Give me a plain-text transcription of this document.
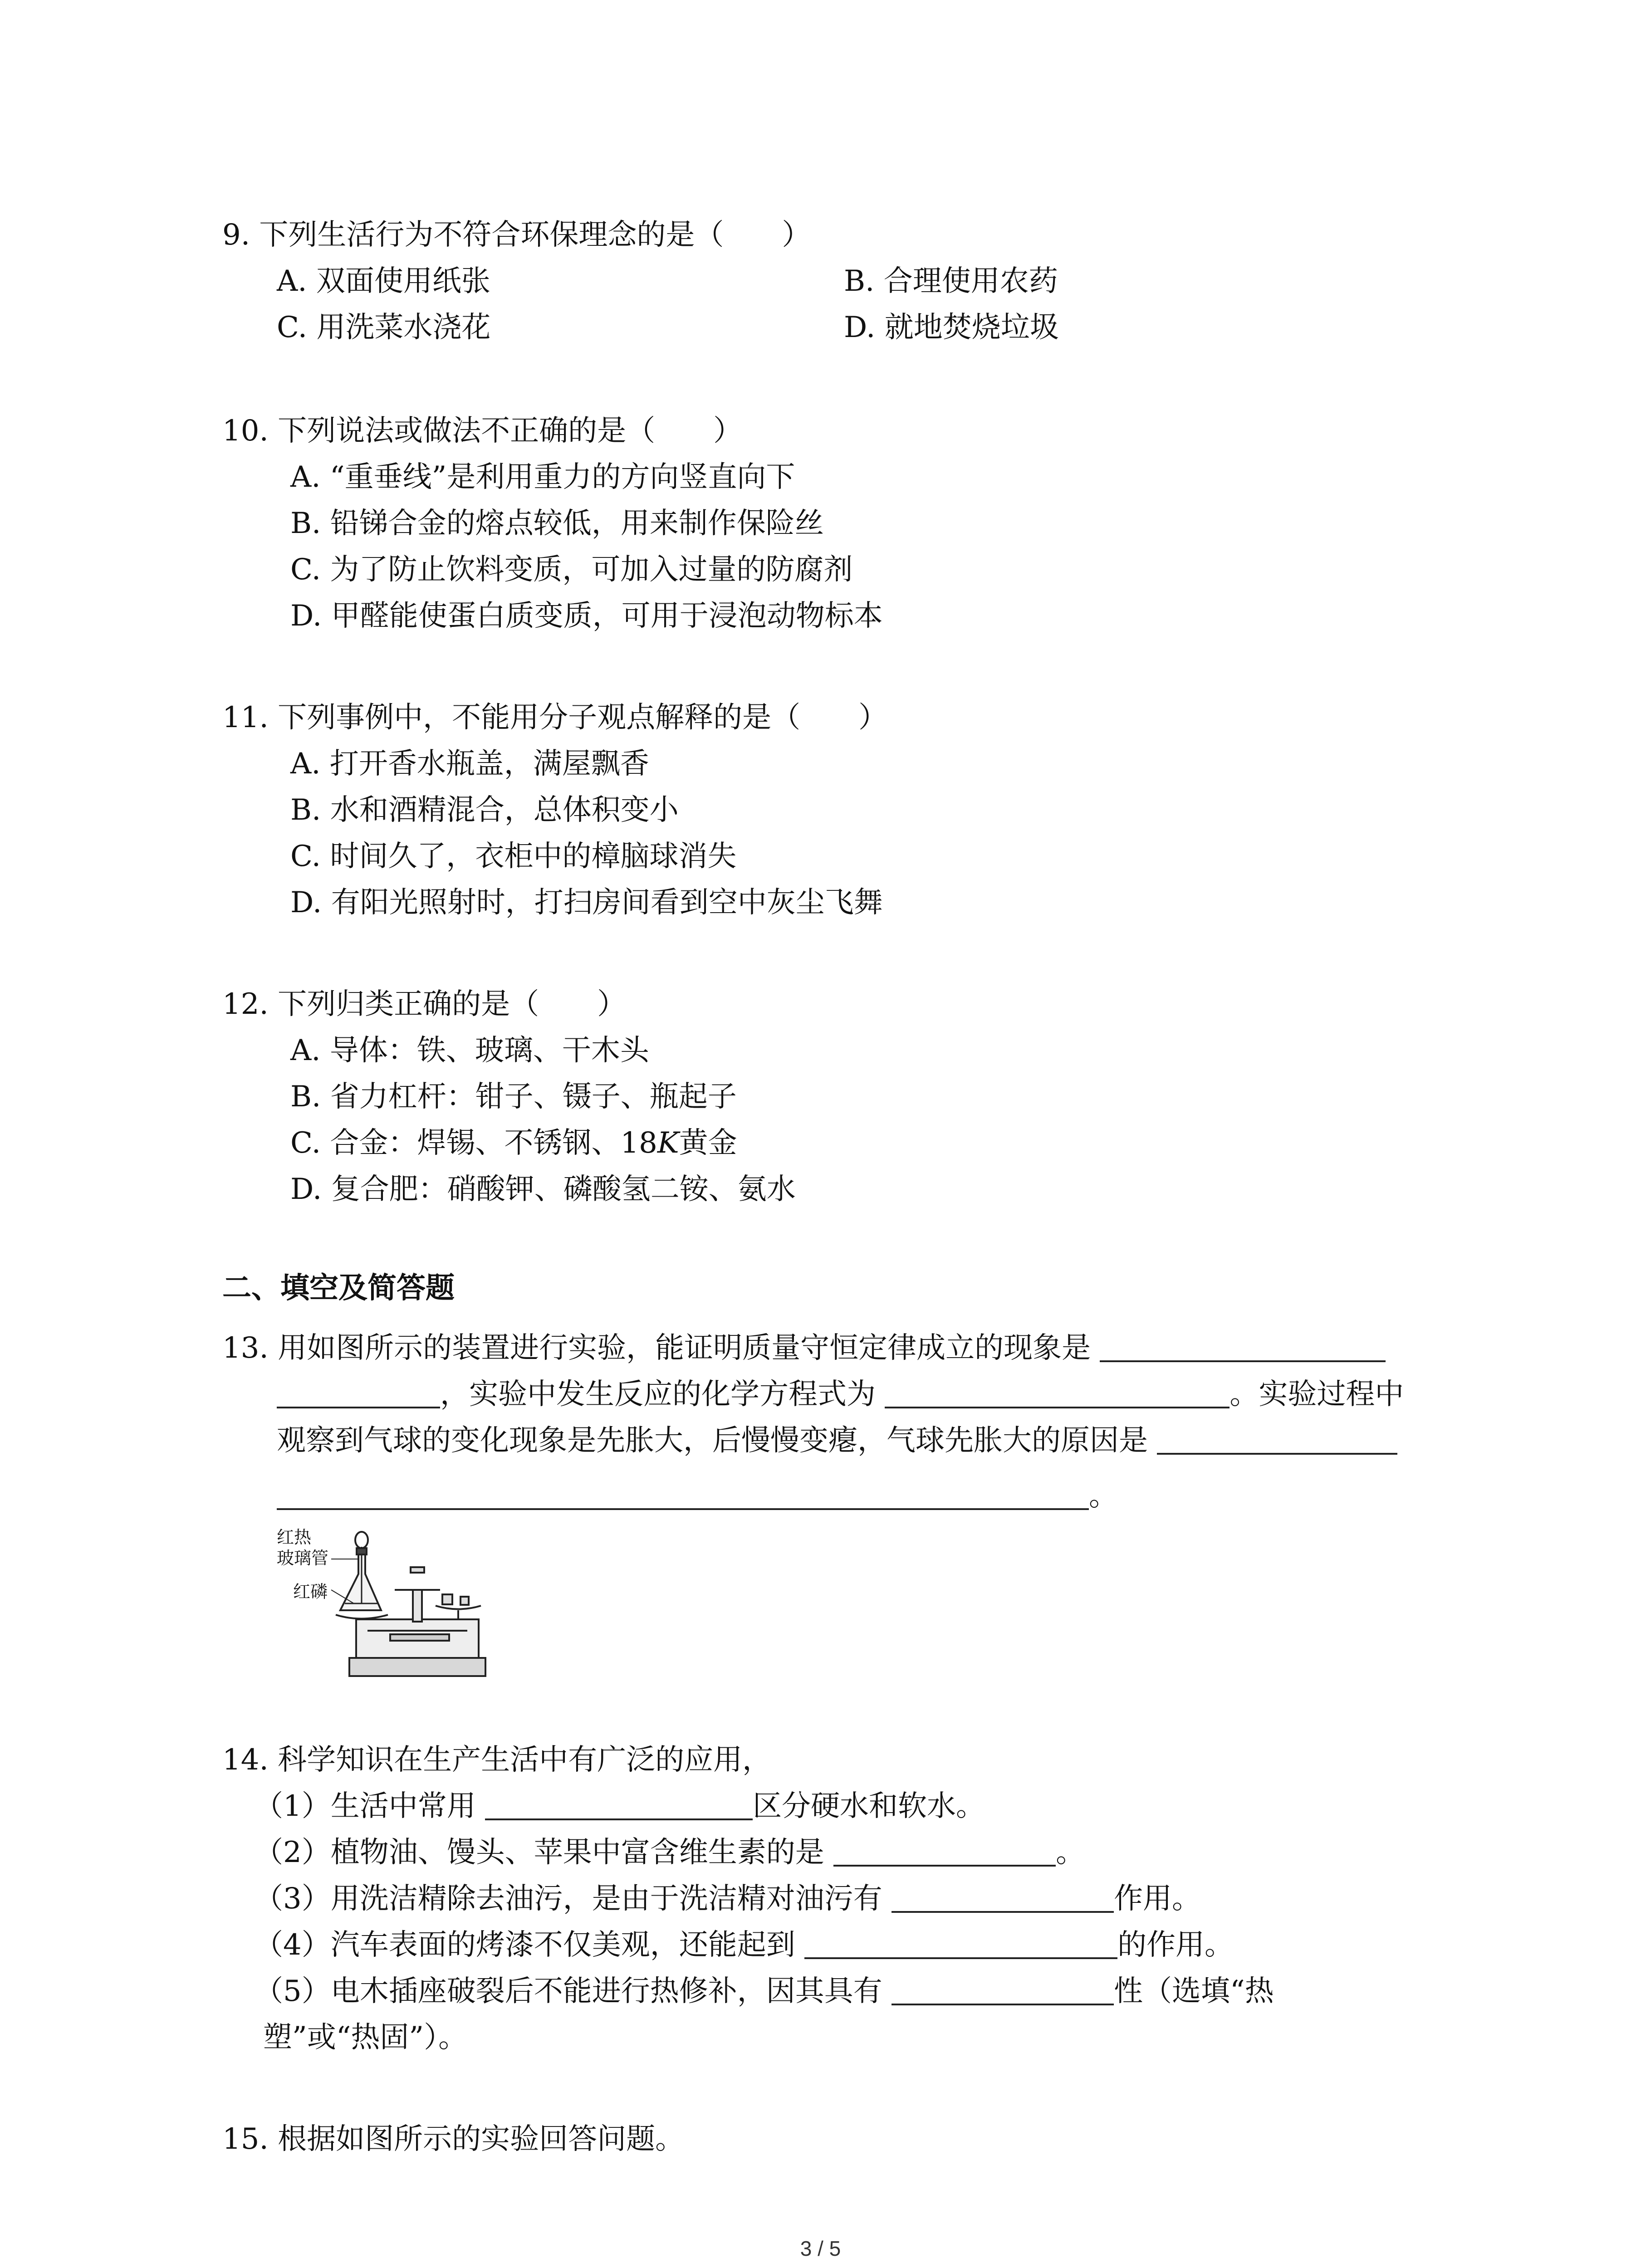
9. 下列生活行为不符合环保理念的是（　　）
A. 双面使用纸张	B. 合理使用农药
C. 用洗菜水浇花	D. 就地焚烧垃圾
10. 下列说法或做法不正确的是（　　）
A. “重垂线”是利用重力的方向竖直向下
B. 铅锑合金的熔点较低，用来制作保险丝
C. 为了防止饮料变质，可加入过量的防腐剂
D. 甲醛能使蛋白质变质，可用于浸泡动物标本
11. 下列事例中，不能用分子观点解释的是（　　）
A. 打开香水瓶盖，满屋飘香
B. 水和酒精混合，总体积变小
C. 时间久了，衣柜中的樟脑球消失
D. 有阳光照射时，打扫房间看到空中灰尘飞舞
12. 下列归类正确的是（　　）
A. 导体：铁、玻璃、干木头
B. 省力杠杆：钳子、镊子、瓶起子
C. 合金：焊锡、不锈钢、18K黄金
D. 复合肥：硝酸钾、磷酸氢二铵、氨水
二、填空及简答题
13. 用如图所示的装置进行实验，能证明质量守恒定律成立的现象是
，实验中发生反应的化学方程式为	。实验过程中
观察到气球的变化现象是先胀大，后慢慢变瘪，气球先胀大的原因是
。
红热
玻璃管
红磷
14. 科学知识在生产生活中有广泛的应用，
（1）生活中常用	区分硬水和软水。
（2）植物油、馒头、苹果中富含维生素的是	。
（3）用洗洁精除去油污，是由于洗洁精对油污有	作用。
（4）汽车表面的烤漆不仅美观，还能起到	的作用。
（5）电木插座破裂后不能进行热修补，因其具有	性（选填“热
塑”或“热固”）。
15. 根据如图所示的实验回答问题。
3 / 5
